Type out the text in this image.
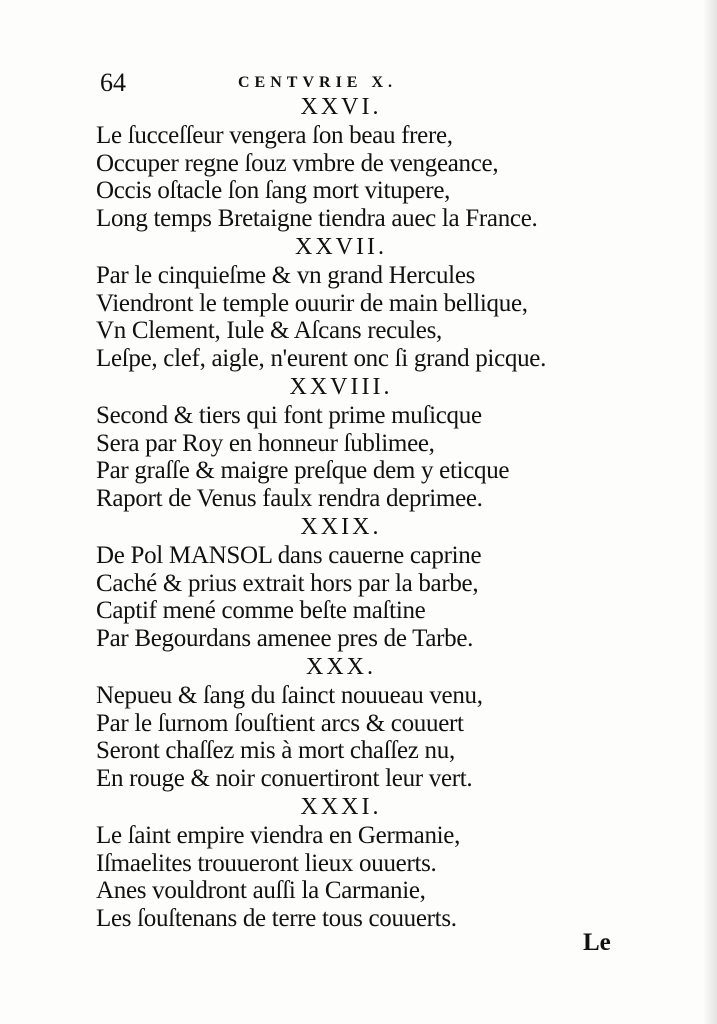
64	CENTVRIE X.
XXVI.
Le ſucceſſeur vengera ſon beau frere,
Occuper regne ſouz vmbre de vengeance,
Occis oſtacle ſon ſang mort vitupere,
Long temps Bretaigne tiendra auec la France.
XXVII.
Par le cinquieſme & vn grand Hercules
Viendront le temple ouurir de main bellique,
Vn Clement, Iule & Aſcans recules,
Leſpe, clef, aigle, n'eurent onc ſi grand picque.
XXVIII.
Second & tiers qui font prime muſicque
Sera par Roy en honneur ſublimee,
Par graſſe & maigre preſque dem y eticque
Raport de Venus faulx rendra deprimee.
XXIX.
De Pol MANSOL dans cauerne caprine
Caché & prius extrait hors par la barbe,
Captif mené comme beſte maſtine
Par Begourdans amenee pres de Tarbe.
XXX.
Nepueu & ſang du ſainct nouueau venu,
Par le ſurnom ſouſtient arcs & couuert
Seront chaſſez mis à mort chaſſez nu,
En rouge & noir conuertiront leur vert.
XXXI.
Le ſaint empire viendra en Germanie,
Iſmaelites trouueront lieux ouuerts.
Anes vouldront auſſi la Carmanie,
Les ſouſtenans de terre tous couuerts.
Le
